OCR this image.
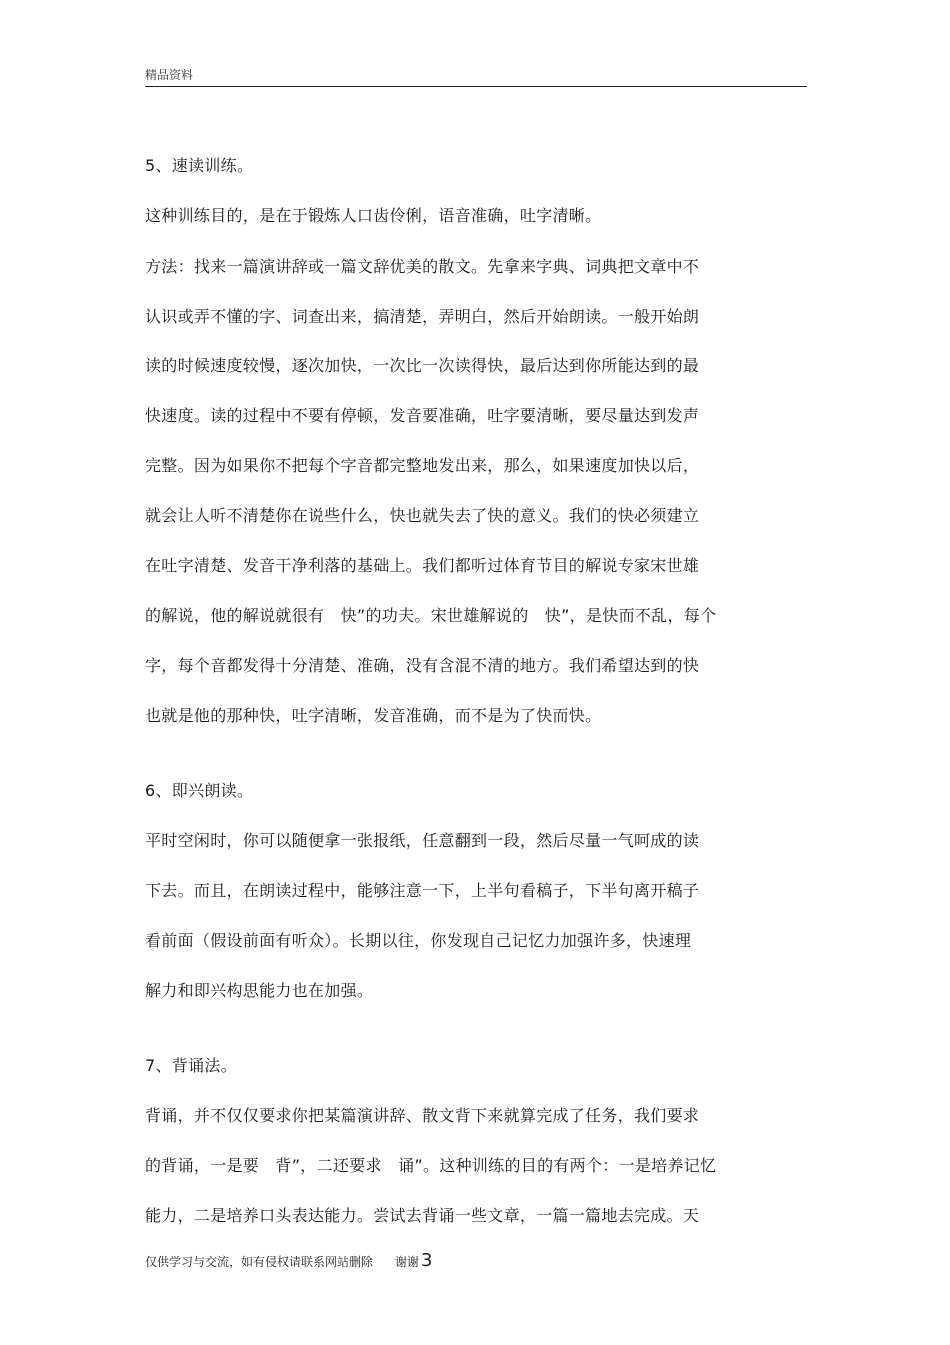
精品资料
5、速读训练。
这种训练目的，是在于锻炼人口齿伶俐，语音准确，吐字清晰。
方法：找来一篇演讲辞或一篇文辞优美的散文。先拿来字典、词典把文章中不
认识或弄不懂的字、词查出来，搞清楚，弄明白，然后开始朗读。一般开始朗
读的时候速度较慢，逐次加快，一次比一次读得快，最后达到你所能达到的最
快速度。读的过程中不要有停顿，发音要准确，吐字要清晰，要尽量达到发声
完整。因为如果你不把每个字音都完整地发出来，那么，如果速度加快以后，
就会让人听不清楚你在说些什么，快也就失去了快的意义。我们的快必须建立
在吐字清楚、发音干净利落的基础上。我们都听过体育节目的解说专家宋世雄
的解说，他的解说就很有　快”的功夫。宋世雄解说的　快”，是快而不乱，每个
字，每个音都发得十分清楚、准确，没有含混不清的地方。我们希望达到的快
也就是他的那种快，吐字清晰，发音准确，而不是为了快而快。
6、即兴朗读。
平时空闲时，你可以随便拿一张报纸，任意翻到一段，然后尽量一气呵成的读
下去。而且，在朗读过程中，能够注意一下，上半句看稿子，下半句离开稿子
看前面（假设前面有听众）。长期以往，你发现自己记忆力加强许多，快速理
解力和即兴构思能力也在加强。
7、背诵法。
背诵，并不仅仅要求你把某篇演讲辞、散文背下来就算完成了任务，我们要求
的背诵，一是要　背”，二还要求　诵”。这种训练的目的有两个：一是培养记忆
能力，二是培养口头表达能力。尝试去背诵一些文章，一篇一篇地去完成。天
仅供学习与交流，如有侵权请联系网站删除 谢谢 3
